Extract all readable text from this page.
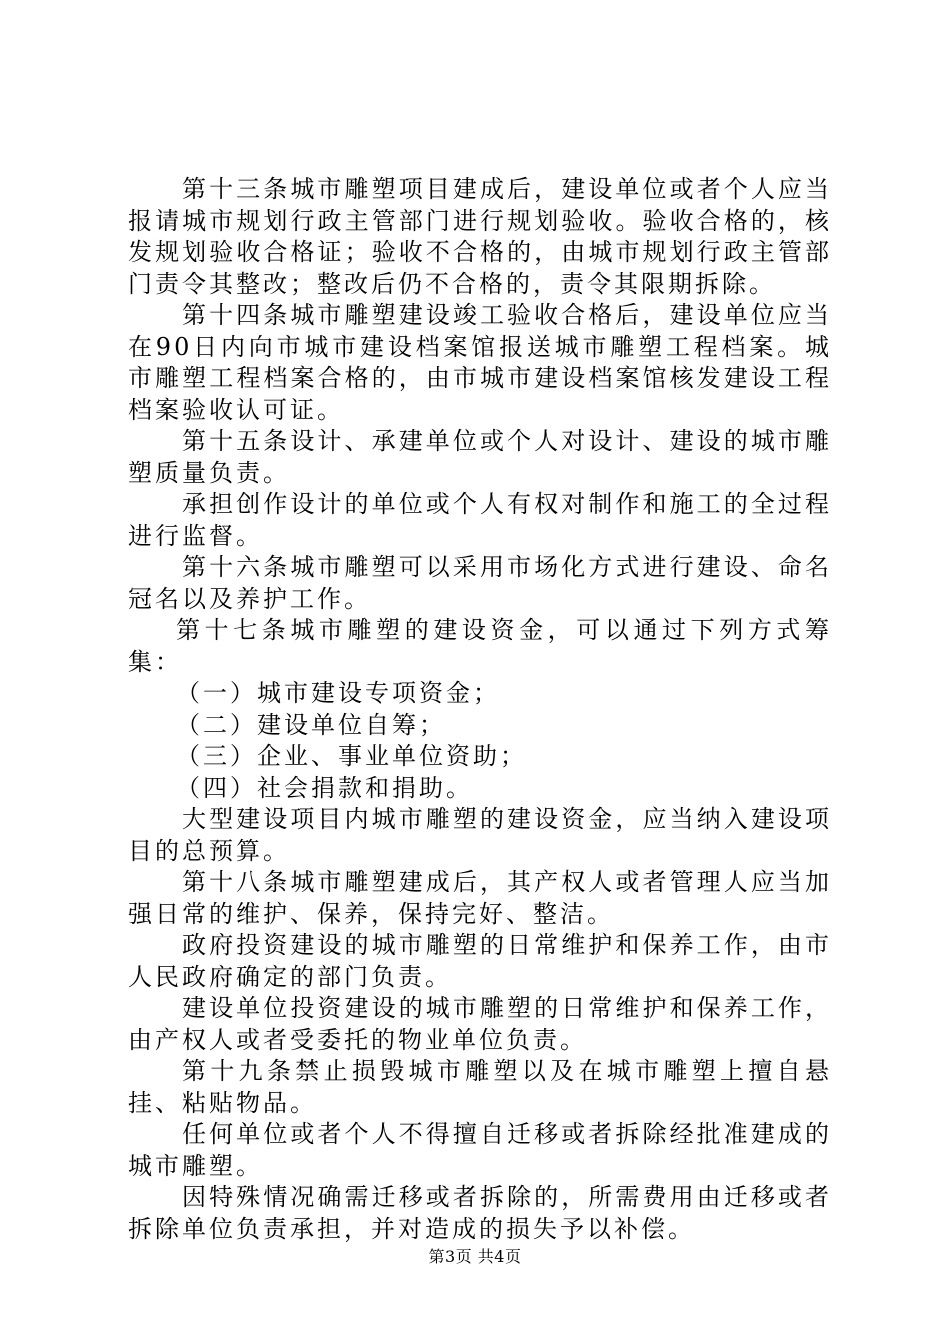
第十三条城市雕塑项目建成后，建设单位或者个人应当报请城市规划行政主管部门进行规划验收。验收合格的，核发规划验收合格证；验收不合格的，由城市规划行政主管部门责令其整改；整改后仍不合格的，责令其限期拆除。

第十四条城市雕塑建设竣工验收合格后，建设单位应当在90日内向市城市建设档案馆报送城市雕塑工程档案。城市雕塑工程档案合格的，由市城市建设档案馆核发建设工程档案验收认可证。

第十五条设计、承建单位或个人对设计、建设的城市雕塑质量负责。

承担创作设计的单位或个人有权对制作和施工的全过程进行监督。

第十六条城市雕塑可以采用市场化方式进行建设、命名冠名以及养护工作。

第十七条城市雕塑的建设资金，可以通过下列方式筹集：

（一）城市建设专项资金；

（二）建设单位自筹；

（三）企业、事业单位资助；

（四）社会捐款和捐助。

大型建设项目内城市雕塑的建设资金，应当纳入建设项目的总预算。

第十八条城市雕塑建成后，其产权人或者管理人应当加强日常的维护、保养，保持完好、整洁。

政府投资建设的城市雕塑的日常维护和保养工作，由市人民政府确定的部门负责。

建设单位投资建设的城市雕塑的日常维护和保养工作，由产权人或者受委托的物业单位负责。

第十九条禁止损毁城市雕塑以及在城市雕塑上擅自悬挂、粘贴物品。

任何单位或者个人不得擅自迁移或者拆除经批准建成的城市雕塑。

因特殊情况确需迁移或者拆除的，所需费用由迁移或者拆除单位负责承担，并对造成的损失予以补偿。

第3页 共4页
